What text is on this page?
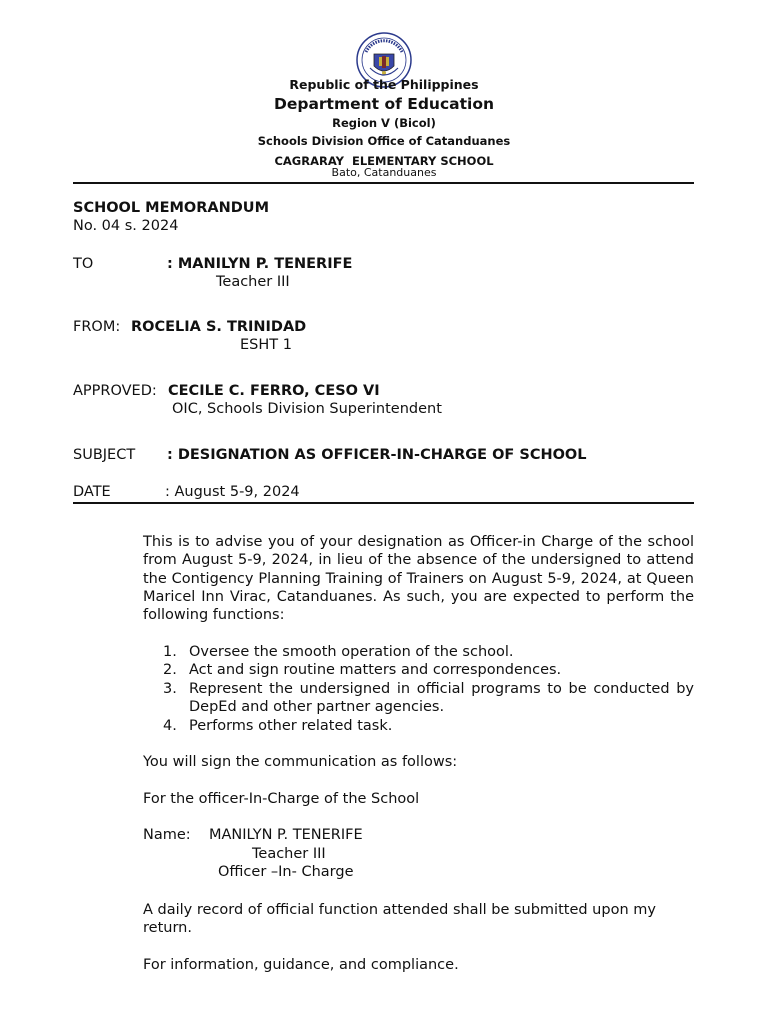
Republic of the Philippines
Department of Education
Region V (Bicol)
Schools Division Office of Catanduanes
CAGRARAY  ELEMENTARY SCHOOL
Bato, Catanduanes
SCHOOL MEMORANDUM
No. 04 s. 2024
TO	: MANILYN P. TENERIFE
Teacher III
FROM: ROCELIA S. TRINIDAD
ESHT 1
APPROVED: CECILE C. FERRO, CESO VI
OIC, Schools Division Superintendent
SUBJECT : DESIGNATION AS OFFICER-IN-CHARGE OF SCHOOL
DATE	: August 5-9, 2024
This is to advise you of your designation as Officer-in Charge of the school from August 5-9, 2024, in lieu of the absence of the undersigned to attend the Contigency Planning Training of Trainers on August 5-9, 2024, at Queen Maricel Inn Virac, Catanduanes. As such, you are expected to perform the following functions:
1. Oversee the smooth operation of the school.
2. Act and sign routine matters and correspondences.
3. Represent the undersigned in official programs to be conducted by DepEd and other partner agencies.
4. Performs other related task.
You will sign the communication as follows:
For the officer-In-Charge of the School
Name: MANILYN P. TENERIFE
Teacher III
Officer –In- Charge
A daily record of official function attended shall be submitted upon my return.
For information, guidance, and compliance.
